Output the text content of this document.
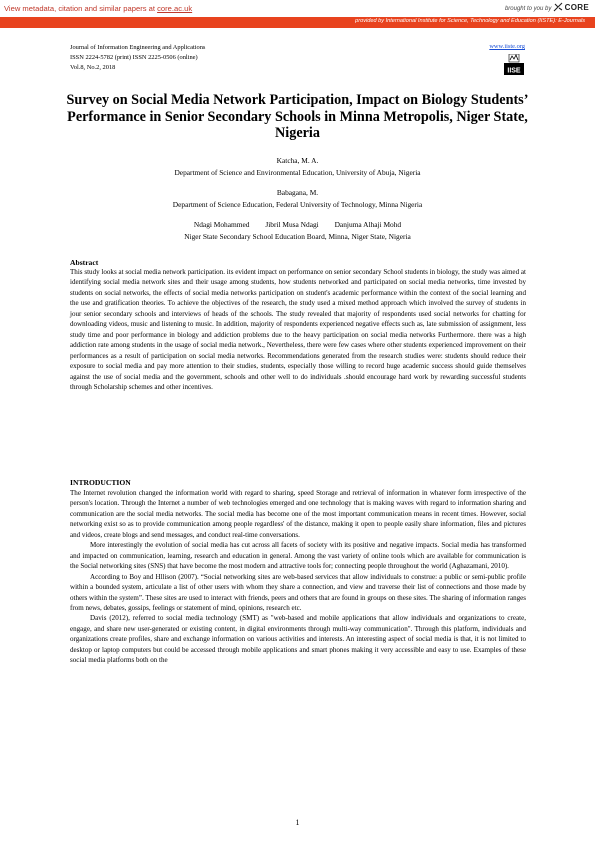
View metadata, citation and similar papers at core.ac.uk	brought to you by CORE
provided by International Institute for Science, Technology and Education (IISTE): E-Journals
Journal of Information Engineering and Applications
ISSN 2224-5782 (print) ISSN 2225-0506 (online)
Vol.8, No.2, 2018
www.iiste.org
IISE
Survey on Social Media Network Participation, Impact on Biology Students’ Performance in Senior Secondary Schools in Minna Metropolis, Niger State, Nigeria
Katcha, M. A.
Department of Science and Environmental Education, University of Abuja, Nigeria
Babagana, M.
Department of Science Education, Federal University of Technology, Minna Nigeria
Ndagi Mohammed Jibril Musa Ndagi Danjuma Alhaji Mohd
Niger State Secondary School Education Board, Minna, Niger State, Nigeria
Abstract
This study looks at social media network participation. its evident impact on performance on senior secondary School students in biology, the study was aimed at identifying social media network sites and their usage among students, how students networked and participated on social media networks, time invested by students on social networks, the effects of social media networks participation on student's academic performance within the context of the social learning and the use and gratification theories. To achieve the objectives of the research, the study used a mixed method approach which involved the survey of students in jour senior secondary schools and interviews of heads of the schools. The study revealed that majority of respondents used social networks for chatting for downloading videos, music and listening to music. In addition, majority of respondents experienced negative effects such as, late submission of assignment, less study time and poor performance in biology and addiction problems due to the heavy participation on social media networks Furthermore. there was a high addiction rate among students in the usage of social media network., Nevertheless, there were few cases where other students experienced improvement on their performances as a result of participation on social media networks. Recommendations generated from the research studies were: students should reduce their exposure to social media and pay more attention to their studies, students, especially those willing to record huge academic success should guide themselves against the use of social media and the government, schools and other well to do individuals .should encourage hard work by rewarding successful students through Scholarship schemes and other incentives.
INTRODUCTION

The Internet revolution changed the information world with regard to sharing, speed Storage and retrieval of information in whatever form irrespective of the person's location. Through the Internet a number of web technologies emerged and one technology that is making waves with regard to information sharing and communication are the social media networks. The social media has become one of the most important communication means in recent times. However, social networking exist so as to provide communication among people regardless' of the distance, making it open to people easily share information, files and pictures and videos, create blogs and send messages, and conduct real-time conversations.

More interestingly the evolution of social media has cut across all facets of society with its positive and negative impacts. Social media has transformed and impacted on communication, learning, research and education in general. Among the vast variety of online tools which are available for communication is the Social networking sites (SNS) that have become the most modern and attractive tools for; connecting people throughout the world (Aghazamani, 2010).

According to Boy and Hllison (2007). “Social networking sites are web-based services that allow individuals to construe: a public or semi-public profile within a bounded system, articulate a list of other users with whom they share a connection, and view and traverse their list of connections and those made by others within the system”. These sites are used to interact with friends, peers and others that are found in groups on these sites. The sharing of information ranges from news, debates, gossips, feelings or statement of mind, opinions, research etc.

Davis (2012), referred to social media technology (SMT) as "web-based and mobile applications that allow individuals and organizations to create, engage, and share new user-generated or existing content, in digital environments through multi-way communication". Through this platform, individuals and organizations create profiles, share and exchange information on various activities and interests. An interesting aspect of social media is that, it is not limited to desktop or laptop computers but could be accessed through mobile applications and smart phones making it very accessible and easy to use. Examples of these social media platforms both on the

1
